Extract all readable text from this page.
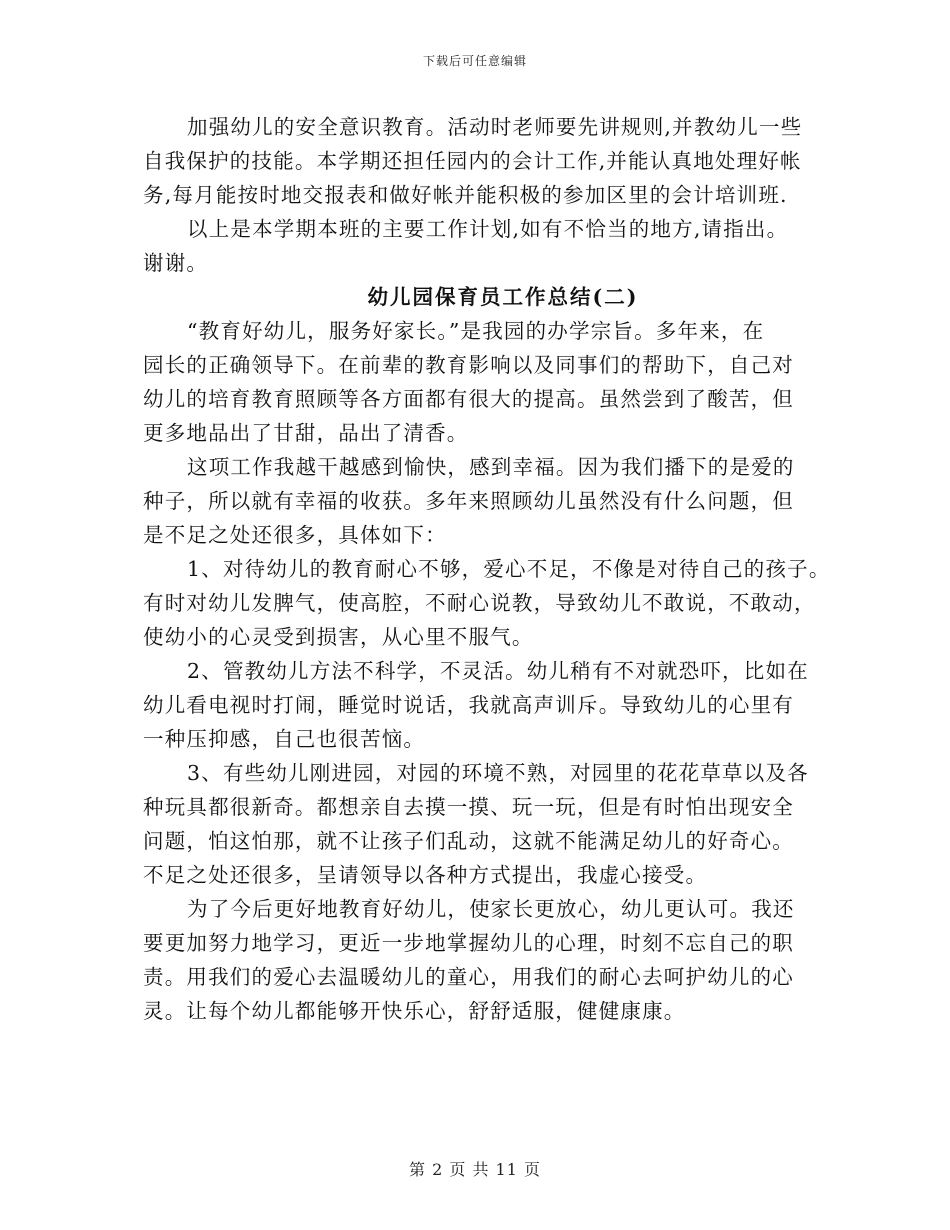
下载后可任意编辑
加强幼儿的安全意识教育。活动时老师要先讲规则,并教幼儿一些
自我保护的技能。本学期还担任园内的会计工作,并能认真地处理好帐
务,每月能按时地交报表和做好帐并能积极的参加区里的会计培训班.
以上是本学期本班的主要工作计划,如有不恰当的地方,请指出。
谢谢。
幼儿园保育员工作总结(二)
“教育好幼儿，服务好家长。”是我园的办学宗旨。多年来，在
园长的正确领导下。在前辈的教育影响以及同事们的帮助下，自己对
幼儿的培育教育照顾等各方面都有很大的提高。虽然尝到了酸苦，但
更多地品出了甘甜，品出了清香。
这项工作我越干越感到愉快，感到幸福。因为我们播下的是爱的
种子，所以就有幸福的收获。多年来照顾幼儿虽然没有什么问题，但
是不足之处还很多，具体如下：
1、对待幼儿的教育耐心不够，爱心不足，不像是对待自己的孩子。
有时对幼儿发脾气，使高腔，不耐心说教，导致幼儿不敢说，不敢动，
使幼小的心灵受到损害，从心里不服气。
2、管教幼儿方法不科学，不灵活。幼儿稍有不对就恐吓，比如在
幼儿看电视时打闹，睡觉时说话，我就高声训斥。导致幼儿的心里有
一种压抑感，自己也很苦恼。
3、有些幼儿刚进园，对园的环境不熟，对园里的花花草草以及各
种玩具都很新奇。都想亲自去摸一摸、玩一玩，但是有时怕出现安全
问题，怕这怕那，就不让孩子们乱动，这就不能满足幼儿的好奇心。
不足之处还很多，呈请领导以各种方式提出，我虚心接受。
为了今后更好地教育好幼儿，使家长更放心，幼儿更认可。我还
要更加努力地学习，更近一步地掌握幼儿的心理，时刻不忘自己的职
责。用我们的爱心去温暖幼儿的童心，用我们的耐心去呵护幼儿的心
灵。让每个幼儿都能够开快乐心，舒舒适服，健健康康。
第 2 页 共 11 页
